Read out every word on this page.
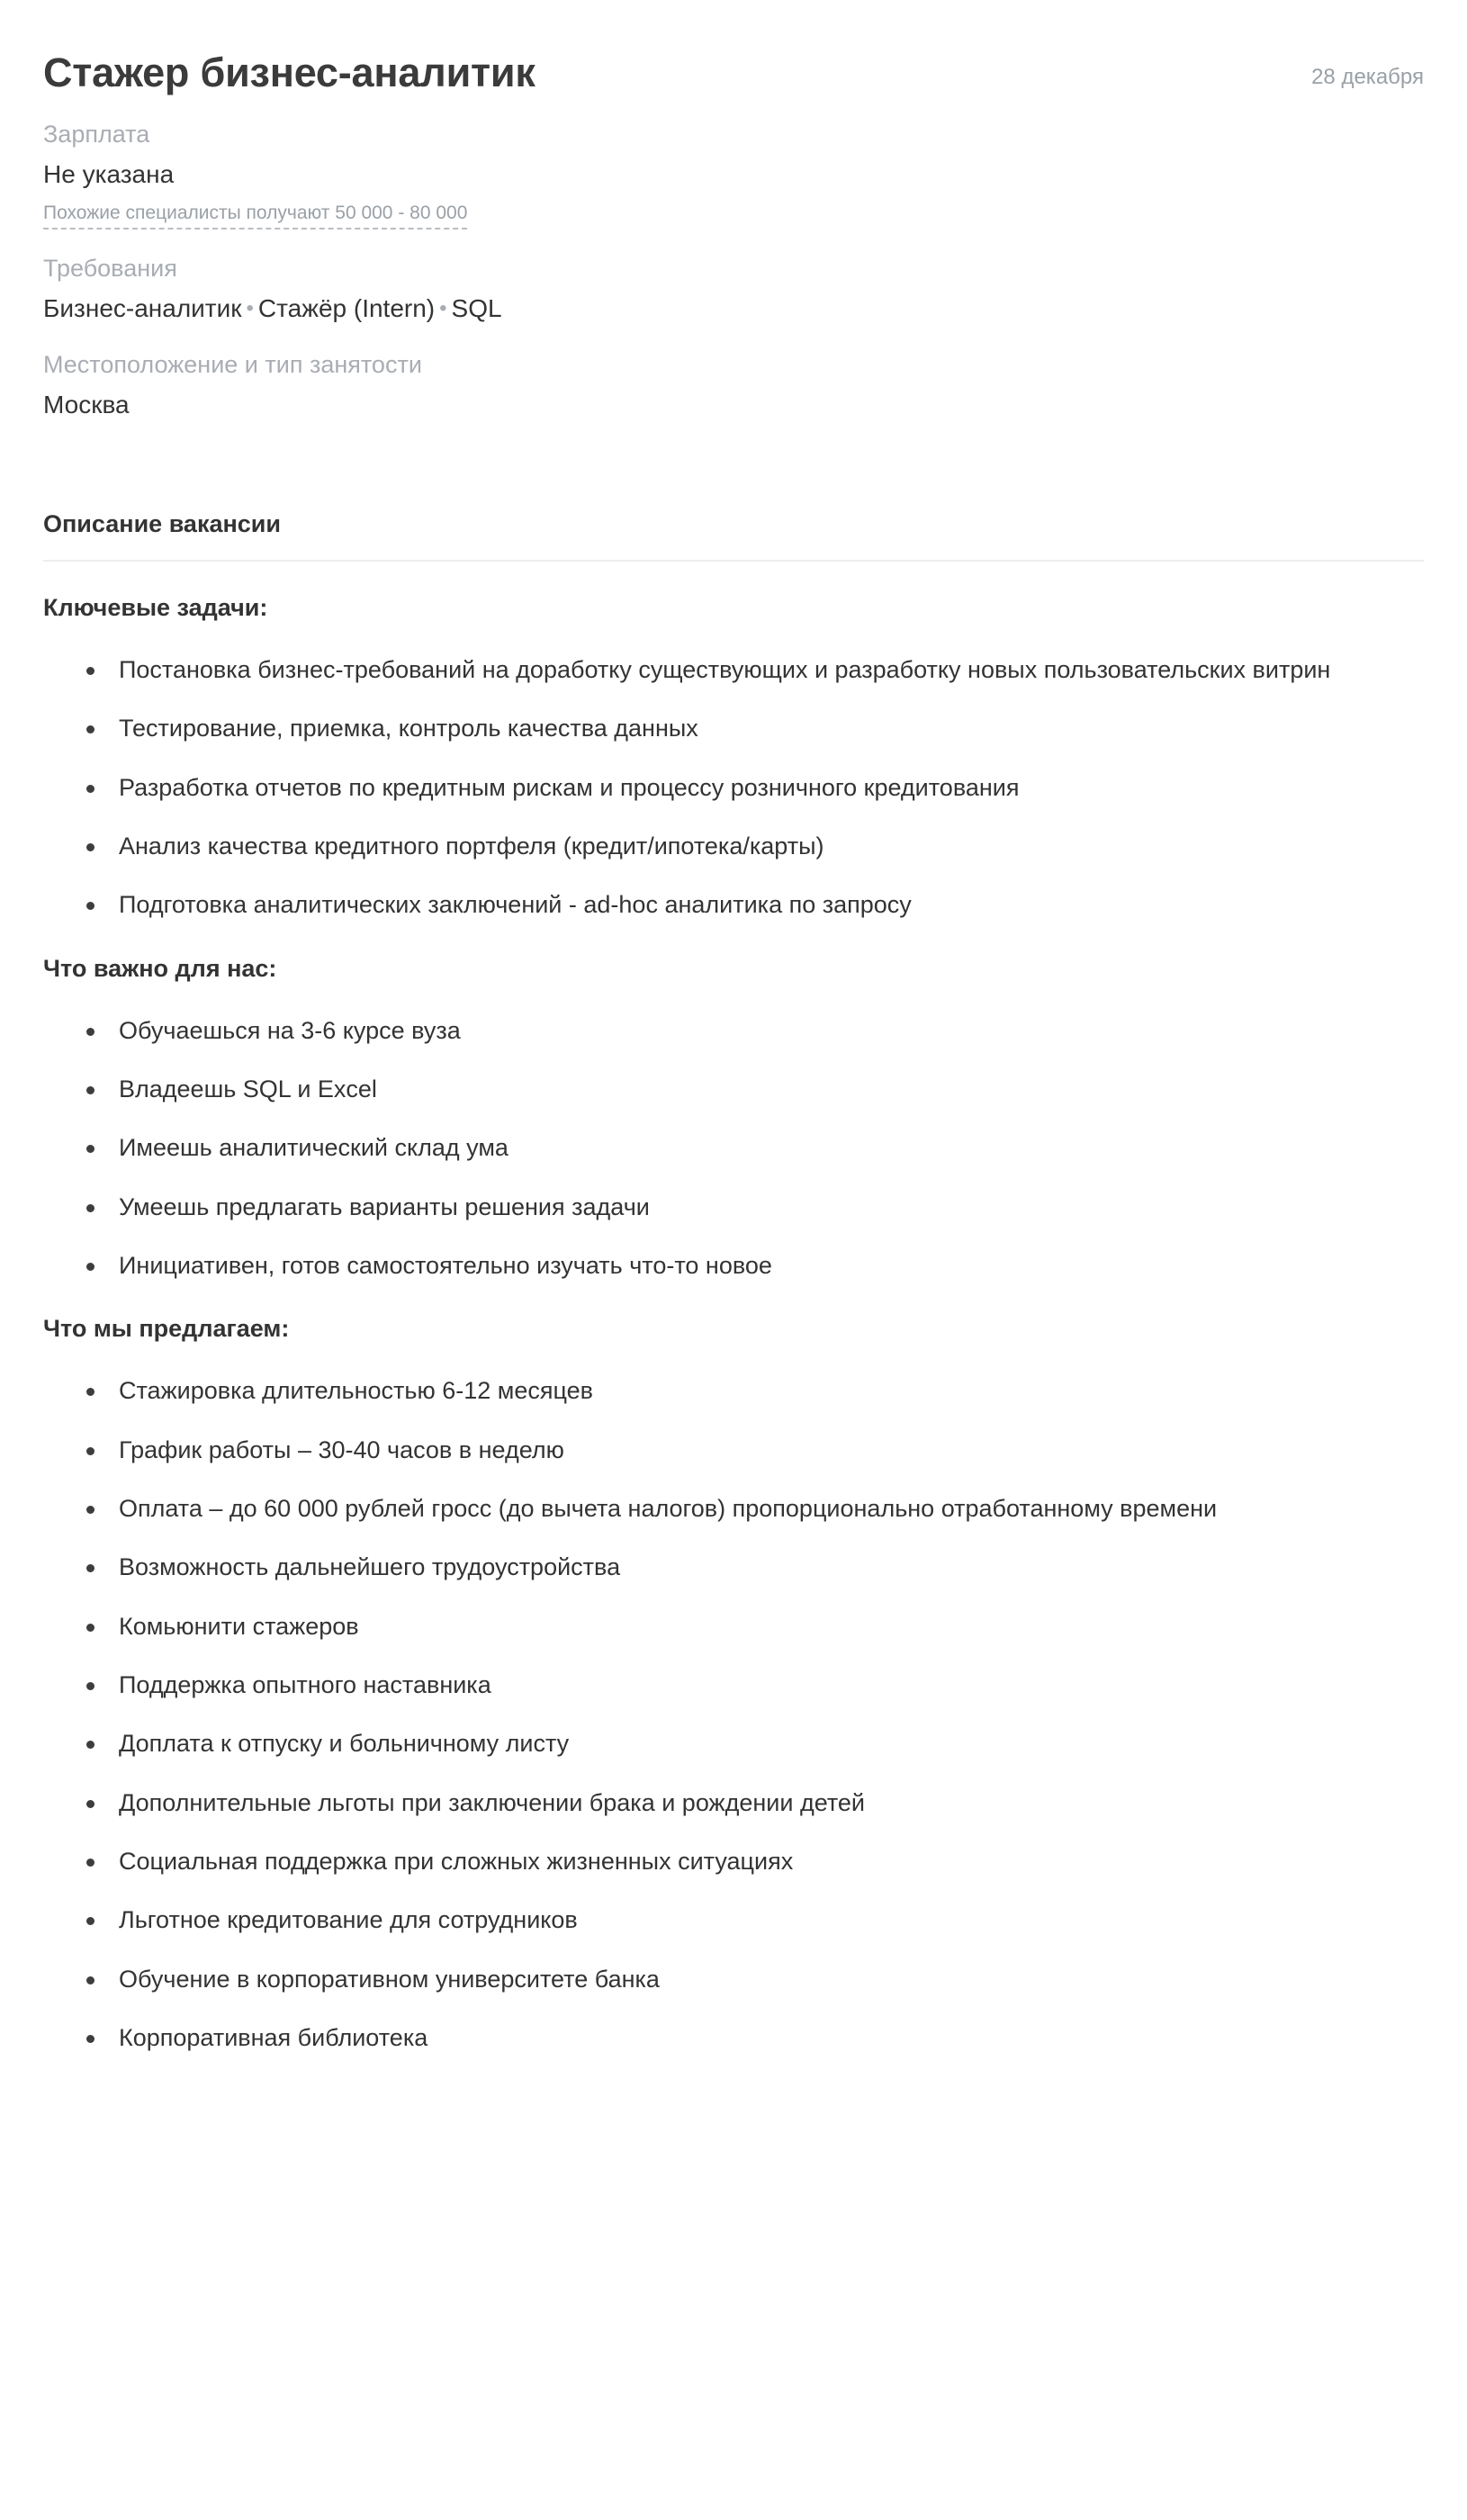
Стажер бизнес-аналитик	28 декабря
Зарплата
Не указана
Похожие специалисты получают 50 000 - 80 000
Требования
Бизнес-аналитик • Стажёр (Intern) • SQL
Местоположение и тип занятости
Москва
Описание вакансии
Ключевые задачи:
Постановка бизнес-требований на доработку существующих и разработку новых пользовательских витрин
Тестирование, приемка, контроль качества данных
Разработка отчетов по кредитным рискам и процессу розничного кредитования
Анализ качества кредитного портфеля (кредит/ипотека/карты)
Подготовка аналитических заключений - ad-hoc аналитика по запросу
Что важно для нас:
Обучаешься на 3-6 курсе вуза
Владеешь SQL и Excel
Имеешь аналитический склад ума
Умеешь предлагать варианты решения задачи
Инициативен, готов самостоятельно изучать что-то новое
Что мы предлагаем:
Стажировка длительностью 6-12 месяцев
График работы – 30-40 часов в неделю
Оплата – до 60 000 рублей гросс (до вычета налогов) пропорционально отработанному времени
Возможность дальнейшего трудоустройства
Комьюнити стажеров
Поддержка опытного наставника
Доплата к отпуску и больничному листу
Дополнительные льготы при заключении брака и рождении детей
Социальная поддержка при сложных жизненных ситуациях
Льготное кредитование для сотрудников
Обучение в корпоративном университете банка
Корпоративная библиотека
